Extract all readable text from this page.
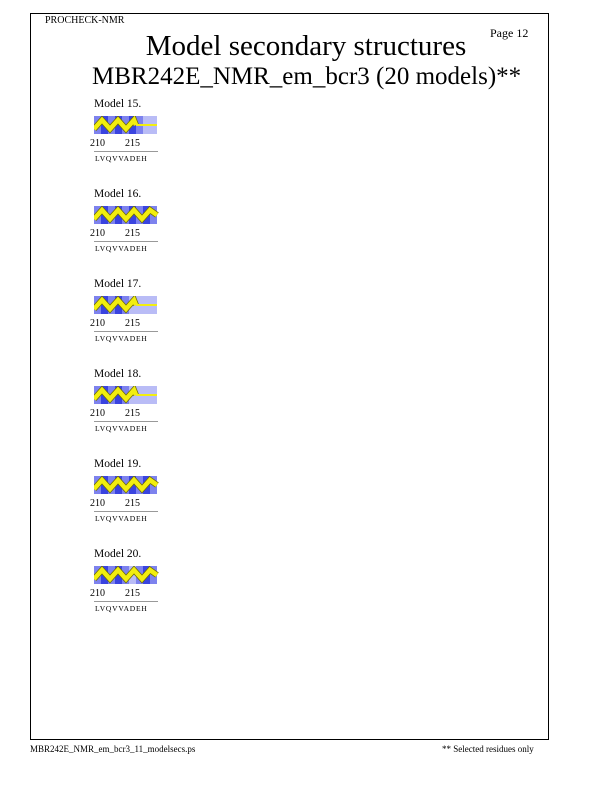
PROCHECK-NMR
Page 12
Model secondary structures
MBR242E_NMR_em_bcr3 (20 models)**
Model 15.
210 215
LVQVVADEH
Model 16.
210 215
LVQVVADEH
Model 17.
210 215
LVQVVADEH
Model 18.
210 215
LVQVVADEH
Model 19.
210 215
LVQVVADEH
Model 20.
210 215
LVQVVADEH
MBR242E_NMR_em_bcr3_11_modelsecs.ps	** Selected residues only
